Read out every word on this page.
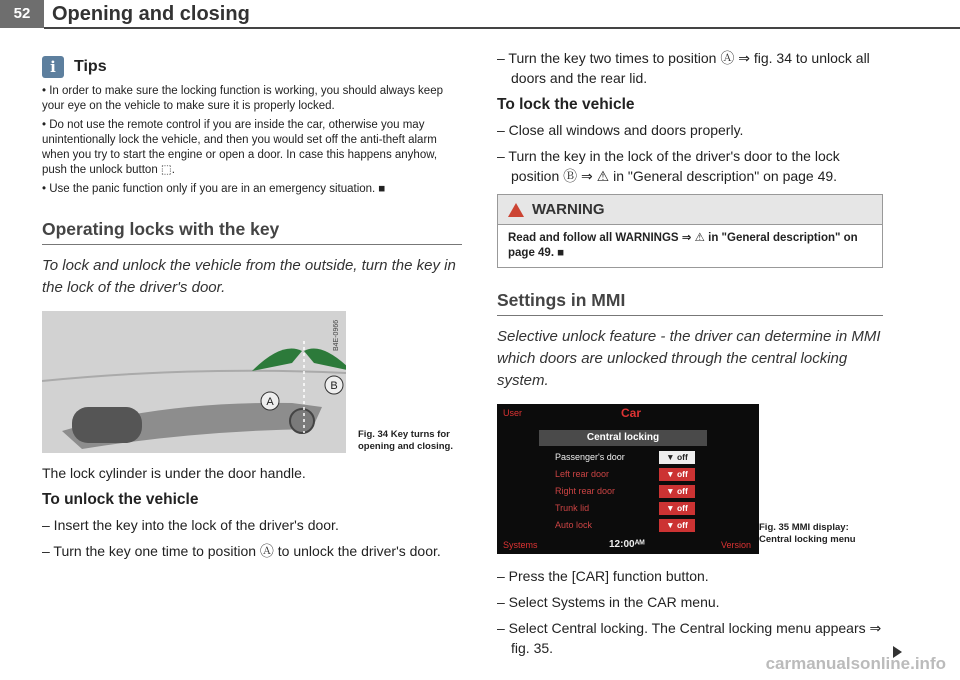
52	Opening and closing
i	Tips

• In order to make sure the locking function is working, you should always keep your eye on the vehicle to make sure it is properly locked.

• Do not use the remote control if you are inside the car, otherwise you may unintentionally lock the vehicle, and then you would set off the anti-theft alarm when you try to start the engine or open a door. In case this happens anyhow, push the unlock button ⬚.

• Use the panic function only if you are in an emergency situation. ■

Operating locks with the key

To lock and unlock the vehicle from the outside, turn the key in the lock of the driver's door.

A
B
B4E-0966
Fig. 34 Key turns for opening and closing.

The lock cylinder is under the door handle.

To unlock the vehicle

– Insert the key into the lock of the driver's door.

– Turn the key one time to position Ⓐ to unlock the driver's door.

– Turn the key two times to position Ⓐ ⇒ fig. 34 to unlock all doors and the rear lid.

To lock the vehicle

– Close all windows and doors properly.

– Turn the key in the lock of the driver's door to the lock position Ⓑ ⇒ ⚠ in "General description" on page 49.

WARNING
Read and follow all WARNINGS ⇒ ⚠ in "General description" on page 49. ■
Settings in MMI

Selective unlock feature - the driver can determine in MMI which doors are unlocked through the central locking system.

User	Car
Central locking
Passenger's door	▼ off
Left rear door	▼ off
Right rear door	▼ off
Trunk lid	▼ off
Auto lock	▼ off
Systems	12:00ᴬᴹ	Version
Fig. 35 MMI display: Central locking menu

– Press the [CAR] function button.

– Select Systems in the CAR menu.

– Select Central locking. The Central locking menu appears ⇒ fig. 35.

carmanualsonline.info
